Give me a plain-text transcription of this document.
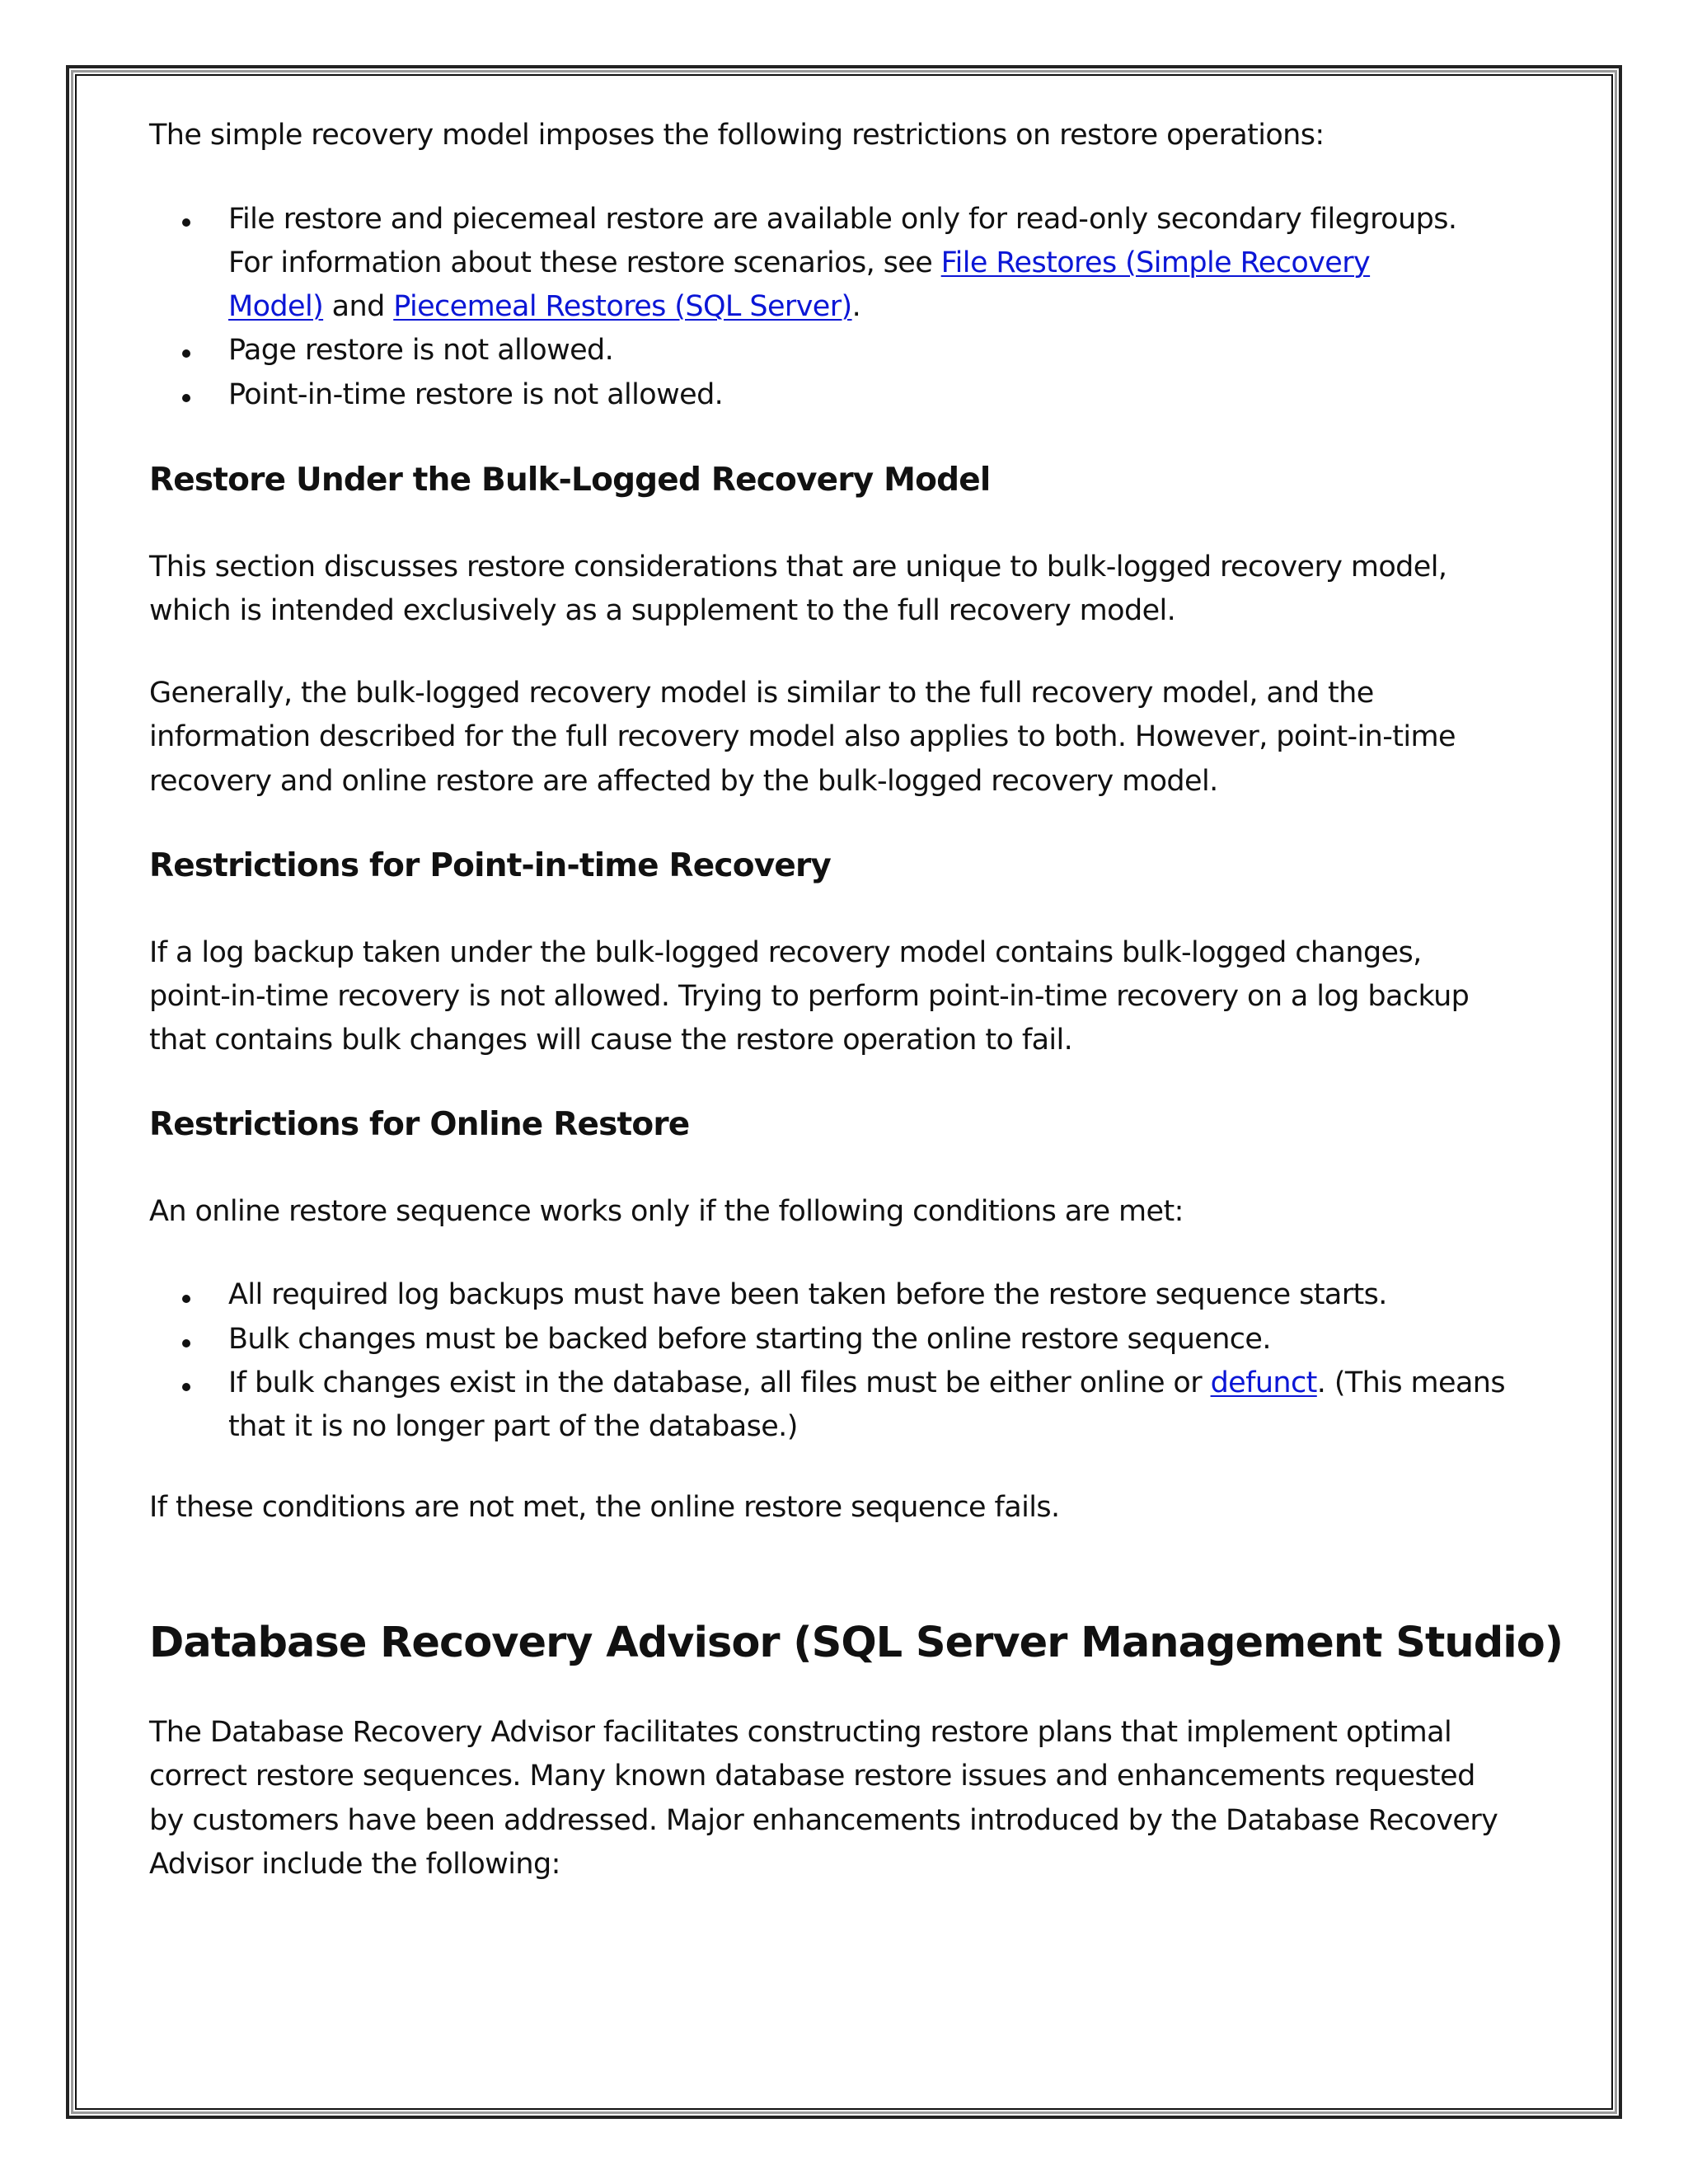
The simple recovery model imposes the following restrictions on restore operations:
File restore and piecemeal restore are available only for read-only secondary filegroups.
For information about these restore scenarios, see File Restores (Simple Recovery
Model) and Piecemeal Restores (SQL Server).
Page restore is not allowed.
Point-in-time restore is not allowed.
Restore Under the Bulk-Logged Recovery Model
This section discusses restore considerations that are unique to bulk-logged recovery model,
which is intended exclusively as a supplement to the full recovery model.
Generally, the bulk-logged recovery model is similar to the full recovery model, and the
information described for the full recovery model also applies to both. However, point-in-time
recovery and online restore are affected by the bulk-logged recovery model.
Restrictions for Point-in-time Recovery
If a log backup taken under the bulk-logged recovery model contains bulk-logged changes,
point-in-time recovery is not allowed. Trying to perform point-in-time recovery on a log backup
that contains bulk changes will cause the restore operation to fail.
Restrictions for Online Restore
An online restore sequence works only if the following conditions are met:
All required log backups must have been taken before the restore sequence starts.
Bulk changes must be backed before starting the online restore sequence.
If bulk changes exist in the database, all files must be either online or defunct. (This means
that it is no longer part of the database.)
If these conditions are not met, the online restore sequence fails.
Database Recovery Advisor (SQL Server Management Studio)
The Database Recovery Advisor facilitates constructing restore plans that implement optimal
correct restore sequences. Many known database restore issues and enhancements requested
by customers have been addressed. Major enhancements introduced by the Database Recovery
Advisor include the following:
